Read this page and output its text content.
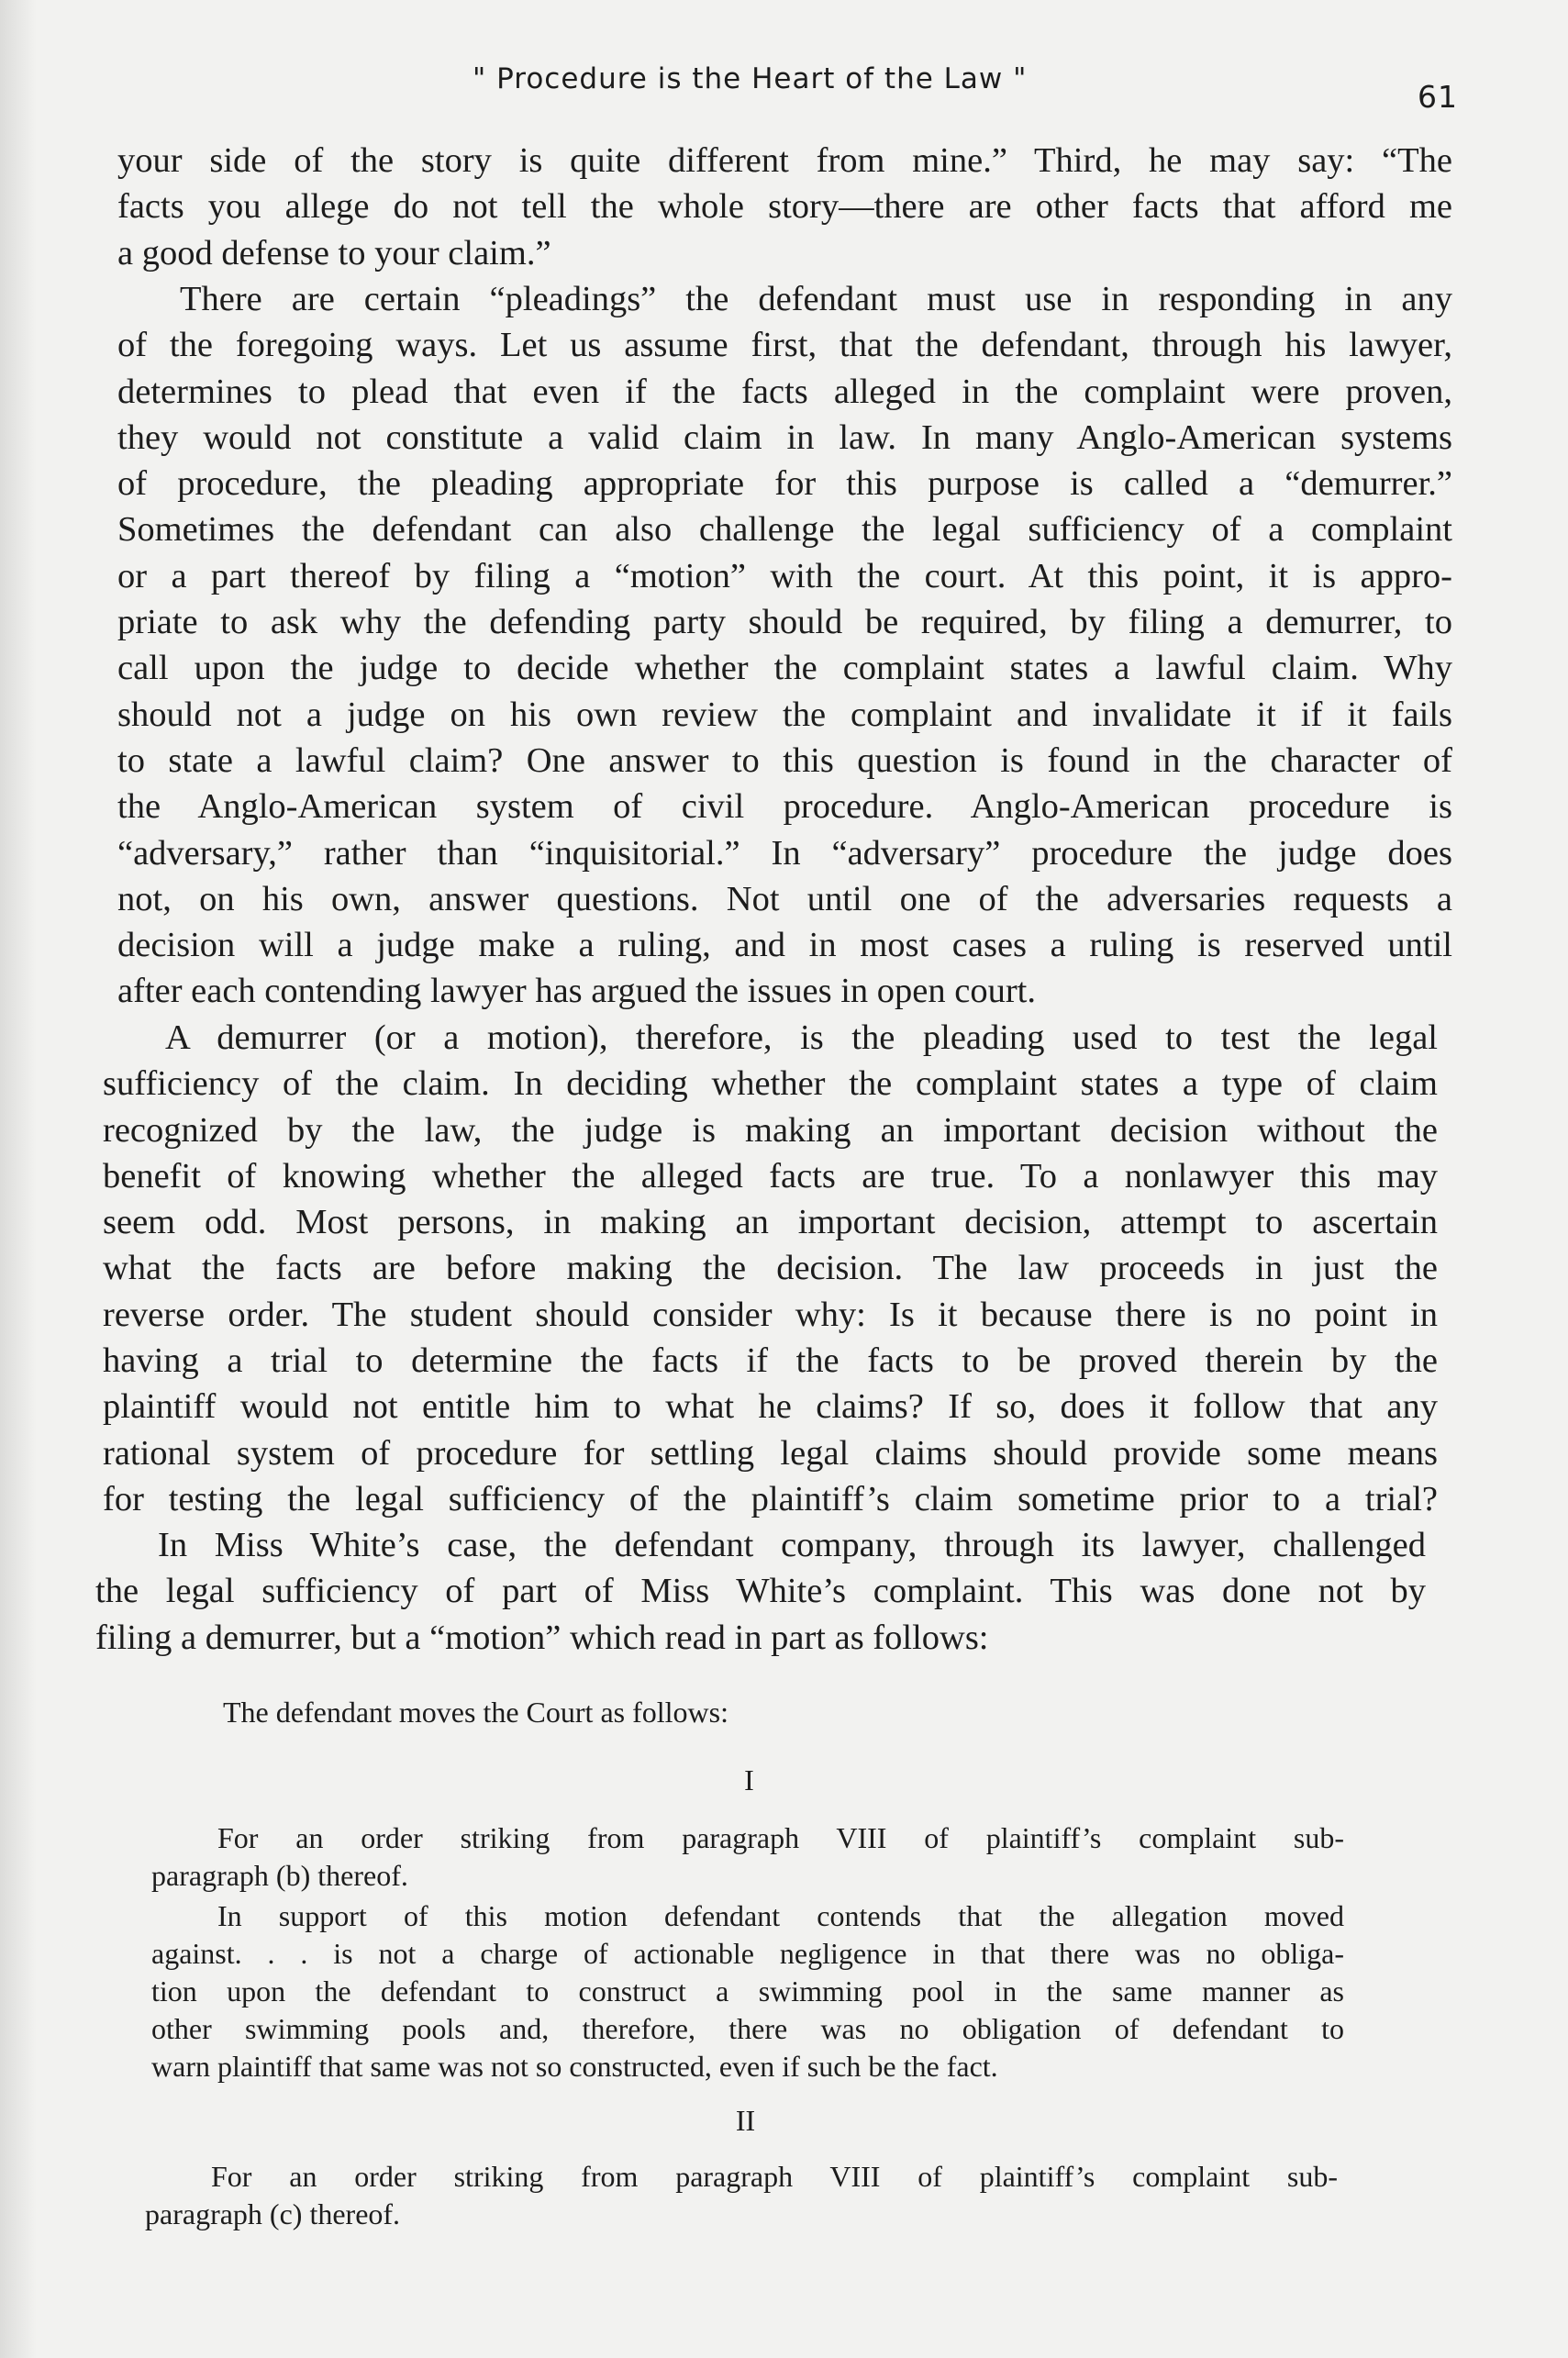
" Procedure is the Heart of the Law "	61
your side of the story is quite different from mine.” Third, he may say: “The
facts you allege do not tell the whole story—there are other facts that afford me
a good defense to your claim.”
There are certain “pleadings” the defendant must use in responding in any
of the foregoing ways. Let us assume first, that the defendant, through his lawyer,
determines to plead that even if the facts alleged in the complaint were proven,
they would not constitute a valid claim in law. In many Anglo-American systems
of procedure, the pleading appropriate for this purpose is called a “demurrer.”
Sometimes the defendant can also challenge the legal sufficiency of a complaint
or a part thereof by filing a “motion” with the court. At this point, it is appro-
priate to ask why the defending party should be required, by filing a demurrer, to
call upon the judge to decide whether the complaint states a lawful claim. Why
should not a judge on his own review the complaint and invalidate it if it fails
to state a lawful claim? One answer to this question is found in the character of
the Anglo-American system of civil procedure. Anglo-American procedure is
“adversary,” rather than “inquisitorial.” In “adversary” procedure the judge does
not, on his own, answer questions. Not until one of the adversaries requests a
decision will a judge make a ruling, and in most cases a ruling is reserved until
after each contending lawyer has argued the issues in open court.
A demurrer (or a motion), therefore, is the pleading used to test the legal
sufficiency of the claim. In deciding whether the complaint states a type of claim
recognized by the law, the judge is making an important decision without the
benefit of knowing whether the alleged facts are true. To a nonlawyer this may
seem odd. Most persons, in making an important decision, attempt to ascertain
what the facts are before making the decision. The law proceeds in just the
reverse order. The student should consider why: Is it because there is no point in
having a trial to determine the facts if the facts to be proved therein by the
plaintiff would not entitle him to what he claims? If so, does it follow that any
rational system of procedure for settling legal claims should provide some means
for testing the legal sufficiency of the plaintiff’s claim sometime prior to a trial?
In Miss White’s case, the defendant company, through its lawyer, challenged
the legal sufficiency of part of Miss White’s complaint. This was done not by
filing a demurrer, but a “motion” which read in part as follows:
The defendant moves the Court as follows:
I
For an order striking from paragraph VIII of plaintiff’s complaint sub-
paragraph (b) thereof.
In support of this motion defendant contends that the allegation moved
against. . . is not a charge of actionable negligence in that there was no obliga-
tion upon the defendant to construct a swimming pool in the same manner as
other swimming pools and, therefore, there was no obligation of defendant to
warn plaintiff that same was not so constructed, even if such be the fact.
II
For an order striking from paragraph VIII of plaintiff’s complaint sub-
paragraph (c) thereof.
